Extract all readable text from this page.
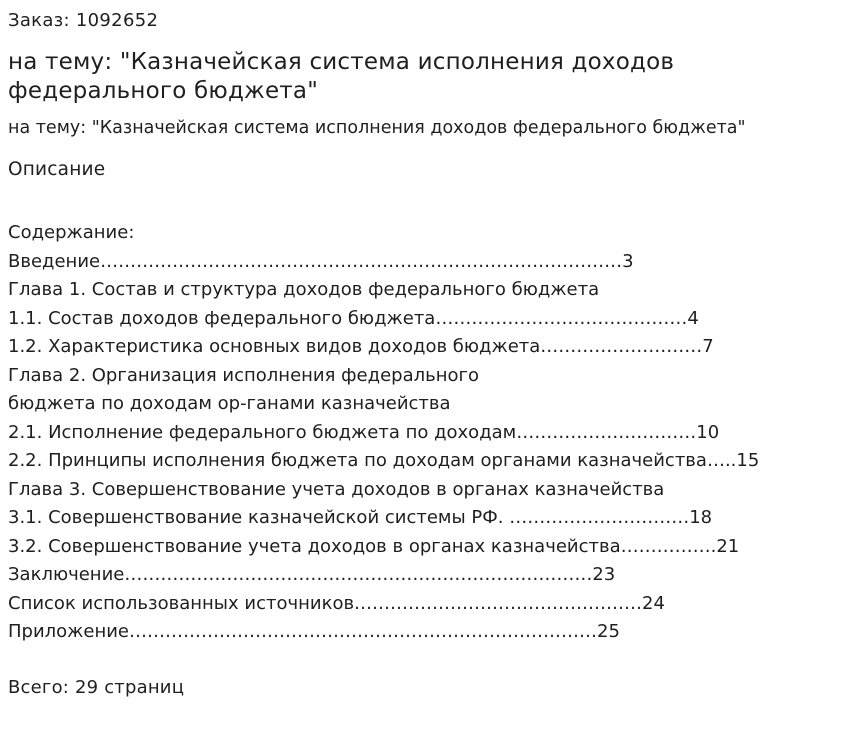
Заказ: 1092652
на тему: "Казначейская система исполнения доходов федерального бюджета"
на тему: "Казначейская система исполнения доходов федерального бюджета"
Описание
Содержание:
Введение……………………………………………………………………………3
Глава 1. Состав и структура доходов федерального бюджета
1.1. Состав доходов федерального бюджета……………………………………4
1.2. Характеристика основных видов доходов бюджета………………………7
Глава 2. Организация исполнения федерального
бюджета по доходам ор-ганами казначейства
2.1. Исполнение федерального бюджета по доходам…………………………10
2.2. Принципы исполнения бюджета по доходам органами казначейства…..15
Глава 3. Совершенствование учета доходов в органах казначейства
3.1. Совершенствование казначейской системы РФ. …………………………18
3.2. Совершенствование учета доходов в органах казначейства…………….21
Заключение……………………………………………………………………23
Список использованных источников…………………………………………24
Приложение……………………………………………………………………25
Всего: 29 страниц
